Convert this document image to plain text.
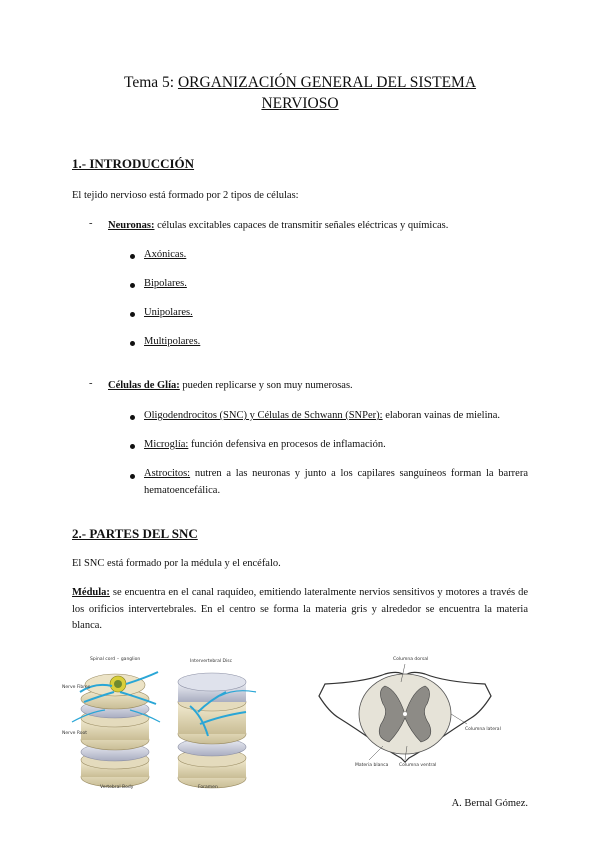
Tema 5: ORGANIZACIÓN GENERAL DEL SISTEMA
NERVIOSO
1.- INTRODUCCIÓN
El tejido nervioso está formado por 2 tipos de células:
- Neuronas: células excitables capaces de transmitir señales eléctricas y químicas.
Axónicas.
Bipolares.
Unipolares.
Multipolares.
- Células de Glía: pueden replicarse y son muy numerosas.
Oligodendrocitos (SNC) y Células de Schwann (SNPer): elaboran vainas de mielina.
Microglía: función defensiva en procesos de inflamación.
Astrocitos: nutren a las neuronas y junto a los capilares sanguíneos forman la barrera hematoencefálica.
2.- PARTES DEL SNC
El SNC está formado por la médula y el encéfalo.
Médula: se encuentra en el canal raquídeo, emitiendo lateralmente nervios sensitivos y motores a través de los orificios intervertebrales. En el centro se forma la materia gris y alrededor se encuentra la materia blanca.
Spinal cord ·· ganglion
Nerve Fibres
Intervertebral Disc
Nerve Root
Vertebral Body	Foramen
Columna dorsal
Columna lateral
Materia blanca Columna ventral
A. Bernal Gómez.
